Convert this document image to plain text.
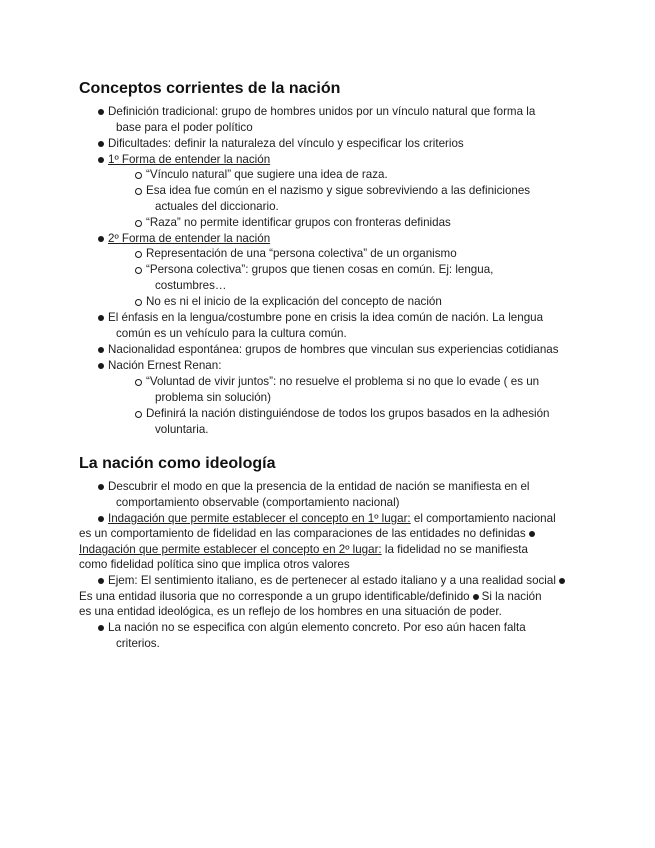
Conceptos corrientes de la nación
Definición tradicional: grupo de hombres unidos por un vínculo natural que forma la
base para el poder político
Dificultades: definir la naturaleza del vínculo y especificar los criterios
1º Forma de entender la nación
“Vínculo natural” que sugiere una idea de raza.
Esa idea fue común en el nazismo y sigue sobreviviendo a las definiciones
actuales del diccionario.
“Raza” no permite identificar grupos con fronteras definidas
2º Forma de entender la nación
Representación de una “persona colectiva” de un organismo
“Persona colectiva”: grupos que tienen cosas en común. Ej: lengua,
costumbres…
No es ni el inicio de la explicación del concepto de nación
El énfasis en la lengua/costumbre pone en crisis la idea común de nación. La lengua
común es un vehículo para la cultura común.
Nacionalidad espontánea: grupos de hombres que vinculan sus experiencias cotidianas
Nación Ernest Renan:
“Voluntad de vivir juntos”: no resuelve el problema si no que lo evade ( es un
problema sin solución)
Definirá la nación distinguiéndose de todos los grupos basados en la adhesión
voluntaria.
La nación como ideología
Descubrir el modo en que la presencia de la entidad de nación se manifiesta en el
comportamiento observable (comportamiento nacional)
Indagación que permite establecer el concepto en 1º lugar: el comportamiento nacional
es un comportamiento de fidelidad en las comparaciones de las entidades no definidas
Indagación que permite establecer el concepto en 2º lugar: la fidelidad no se manifiesta
como fidelidad política sino que implica otros valores
Ejem: El sentimiento italiano, es de pertenecer al estado italiano y a una realidad social
Es una entidad ilusoria que no corresponde a un grupo identificable/definido Si la nación
es una entidad ideológica, es un reflejo de los hombres en una situación de poder.
La nación no se especifica con algún elemento concreto. Por eso aún hacen falta
criterios.
